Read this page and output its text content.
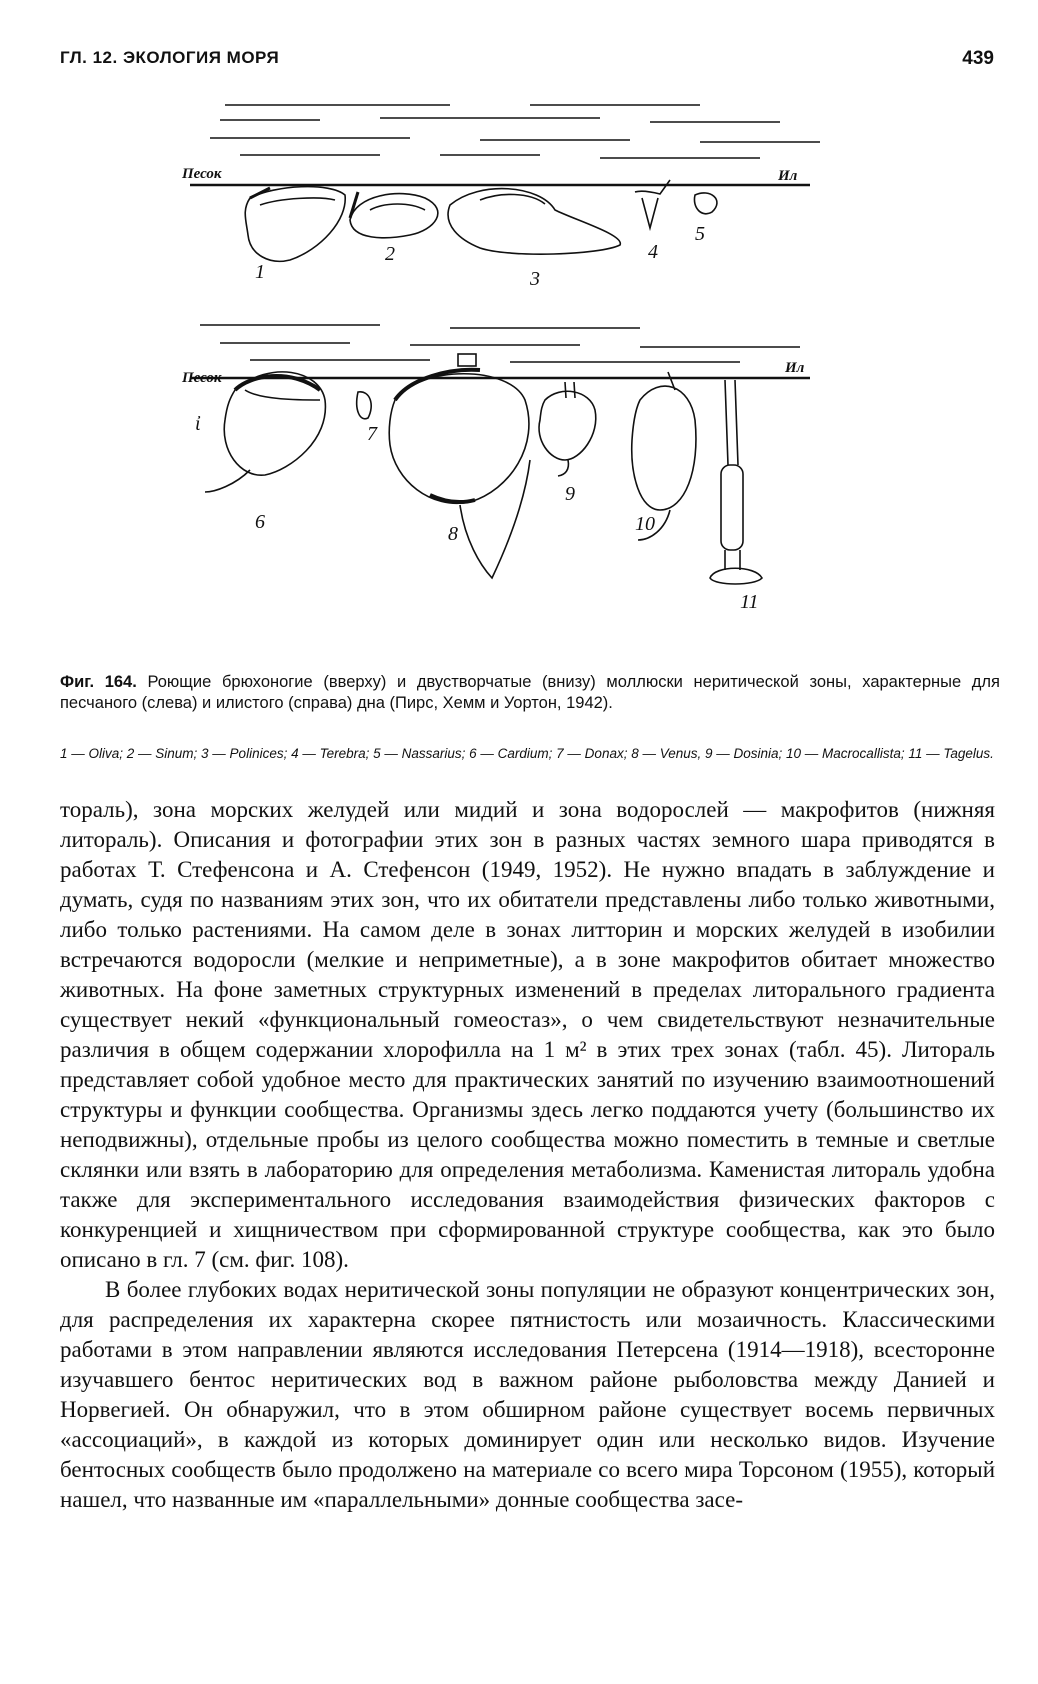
ГЛ. 12. ЭКОЛОГИЯ МОРЯ	439
Песок	Ил
1
2
3
4
5
Песок
Ил
ἰ
6
7
8
9
10
11
Фиг. 164. Роющие брюхоногие (вверху) и двустворчатые (внизу) моллюски неритической зоны, характерные для песчаного (слева) и илистого (справа) дна (Пирс, Хемм и Уортон, 1942).
1 — Oliva; 2 — Sinum; 3 — Polinices; 4 — Terebra; 5 — Nassarius; 6 — Cardium; 7 — Donax; 8 — Venus, 9 — Dosinia; 10 — Macrocallista; 11 — Tagelus.

тораль), зона морских желудей или мидий и зона водорослей — макрофитов (нижняя литораль). Описания и фотографии этих зон в разных частях земного шара приводятся в работах Т. Стефенсона и А. Стефенсон (1949, 1952). Не нужно впадать в заблуждение и думать, судя по названиям этих зон, что их обитатели представлены либо только животными, либо только растениями. На самом деле в зонах литторин и морских желудей в изобилии встречаются водоросли (мелкие и неприметные), а в зоне макрофитов обитает множество животных. На фоне заметных структурных изменений в пределах литорального градиента существует некий «функциональный гомеостаз», о чем свидетельствуют незначительные различия в общем содержании хлорофилла на 1 м² в этих трех зонах (табл. 45). Литораль представляет собой удобное место для практических занятий по изучению взаимоотношений структуры и функции сообщества. Организмы здесь легко поддаются учету (большинство их неподвижны), отдельные пробы из целого сообщества можно поместить в темные и светлые склянки или взять в лабораторию для определения метаболизма. Каменистая литораль удобна также для экспериментального исследования взаимодействия физических факторов с конкуренцией и хищничеством при сформированной структуре сообщества, как это было описано в гл. 7 (см. фиг. 108).

В более глубоких водах неритической зоны популяции не образуют концентрических зон, для распределения их характерна скорее пятнистость или мозаичность. Классическими работами в этом направлении являются исследования Петерсена (1914—1918), всесторонне изучавшего бентос неритических вод в важном районе рыболовства между Данией и Норвегией. Он обнаружил, что в этом обширном районе существует восемь первичных «ассоциаций», в каждой из которых доминирует один или несколько видов. Изучение бентосных сообществ было продолжено на материале со всего мира Торсоном (1955), который нашел, что названные им «параллельными» донные сообщества засе-
